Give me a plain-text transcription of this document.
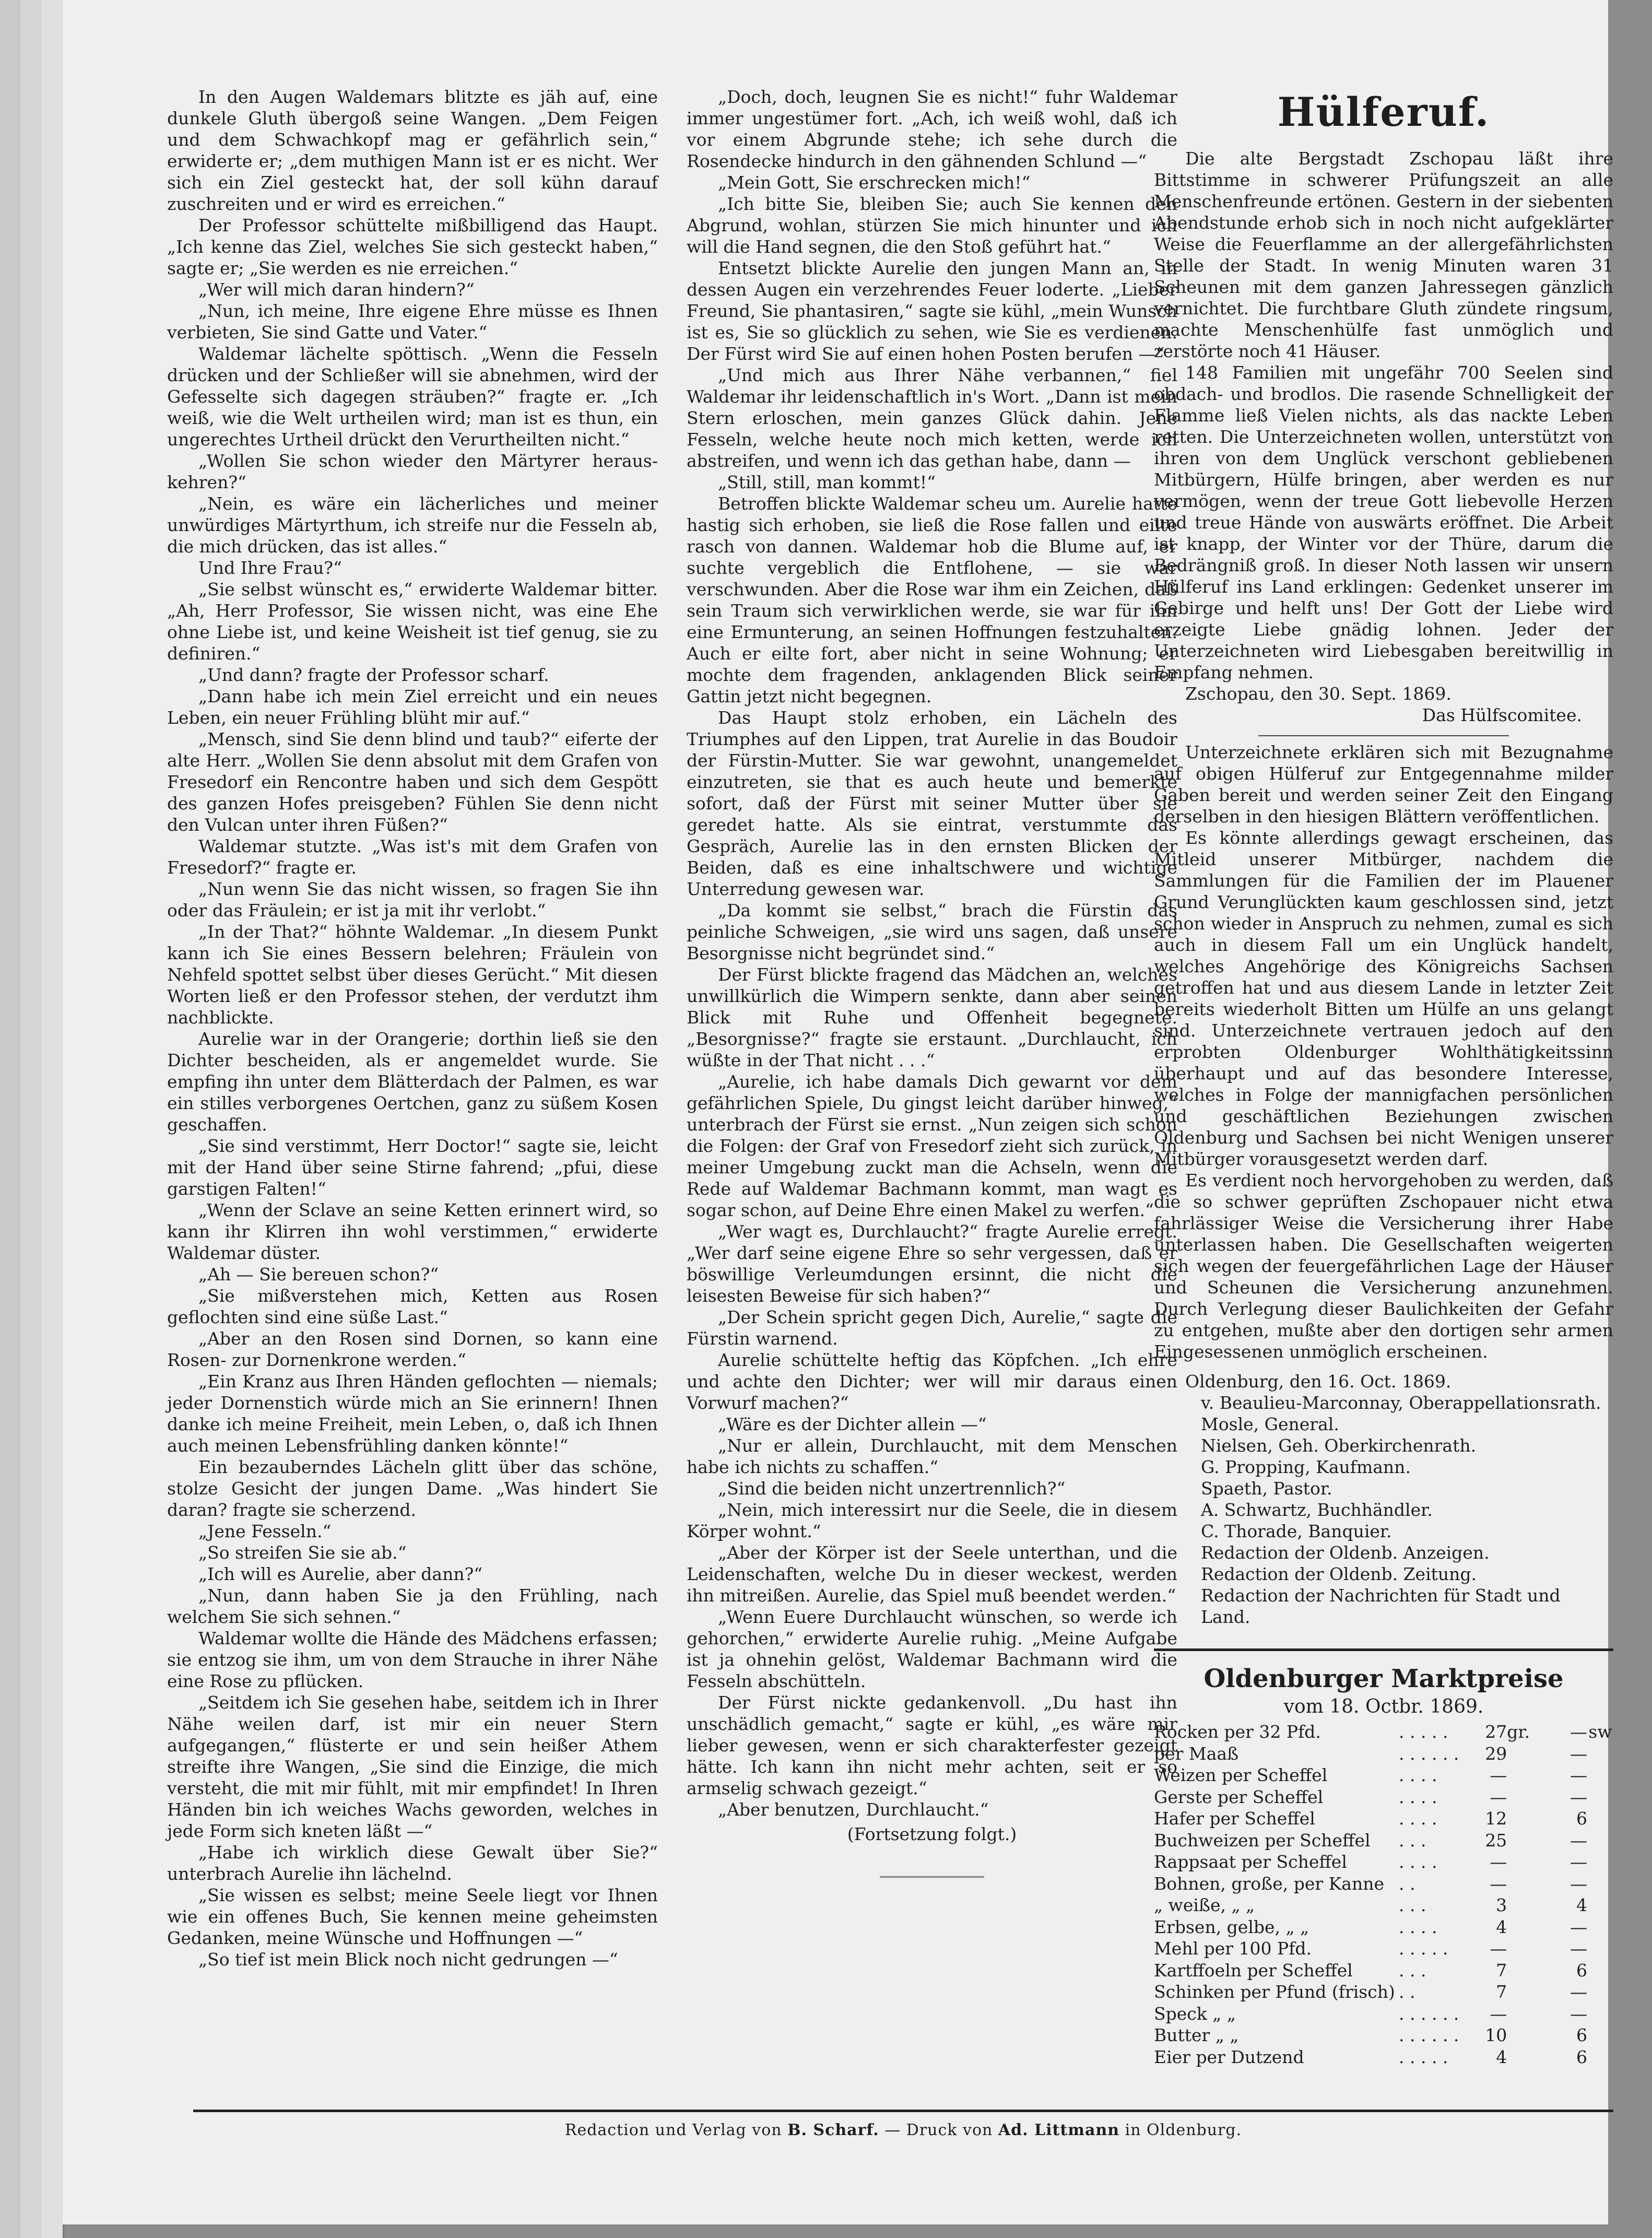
In den Augen Waldemars blitzte es jäh auf, eine dunkele Gluth übergoß seine Wangen. „Dem Feigen und dem Schwachkopf mag er gefährlich sein,“ erwiderte er; „dem muthigen Mann ist er es nicht. Wer sich ein Ziel gesteckt hat, der soll kühn darauf zuschreiten und er wird es erreichen.“

Der Professor schüttelte mißbilligend das Haupt. „Ich kenne das Ziel, welches Sie sich gesteckt haben,“ sagte er; „Sie werden es nie erreichen.“

„Wer will mich daran hindern?“

„Nun, ich meine, Ihre eigene Ehre müsse es Ihnen verbieten, Sie sind Gatte und Vater.“

Waldemar lächelte spöttisch. „Wenn die Fesseln drücken und der Schließer will sie abnehmen, wird der Gefesselte sich dagegen sträuben?“ fragte er. „Ich weiß, wie die Welt urtheilen wird; man ist es thun, ein ungerechtes Urtheil drückt den Verurtheilten nicht.“

„Wollen Sie schon wieder den Märtyrer heraus-kehren?“

„Nein, es wäre ein lächerliches und meiner unwürdiges Märtyrthum, ich streife nur die Fesseln ab, die mich drücken, das ist alles.“

Und Ihre Frau?“

„Sie selbst wünscht es,“ erwiderte Waldemar bitter. „Ah, Herr Professor, Sie wissen nicht, was eine Ehe ohne Liebe ist, und keine Weisheit ist tief genug, sie zu definiren.“

„Und dann? fragte der Professor scharf.

„Dann habe ich mein Ziel erreicht und ein neues Leben, ein neuer Frühling blüht mir auf.“

„Mensch, sind Sie denn blind und taub?“ eiferte der alte Herr. „Wollen Sie denn absolut mit dem Grafen von Fresedorf ein Rencontre haben und sich dem Gespött des ganzen Hofes preisgeben? Fühlen Sie denn nicht den Vulcan unter ihren Füßen?“

Waldemar stutzte. „Was ist's mit dem Grafen von Fresedorf?“ fragte er.

„Nun wenn Sie das nicht wissen, so fragen Sie ihn oder das Fräulein; er ist ja mit ihr verlobt.“

„In der That?“ höhnte Waldemar. „In diesem Punkt kann ich Sie eines Bessern belehren; Fräulein von Nehfeld spottet selbst über dieses Gerücht.“ Mit diesen Worten ließ er den Professor stehen, der verdutzt ihm nachblickte.

Aurelie war in der Orangerie; dorthin ließ sie den Dichter bescheiden, als er angemeldet wurde. Sie empfing ihn unter dem Blätterdach der Palmen, es war ein stilles verborgenes Oertchen, ganz zu süßem Kosen geschaffen.

„Sie sind verstimmt, Herr Doctor!“ sagte sie, leicht mit der Hand über seine Stirne fahrend; „pfui, diese garstigen Falten!“

„Wenn der Sclave an seine Ketten erinnert wird, so kann ihr Klirren ihn wohl verstimmen,“ erwiderte Waldemar düster.

„Ah — Sie bereuen schon?“

„Sie mißverstehen mich, Ketten aus Rosen geflochten sind eine süße Last.“

„Aber an den Rosen sind Dornen, so kann eine Rosen- zur Dornenkrone werden.“

„Ein Kranz aus Ihren Händen geflochten — niemals; jeder Dornenstich würde mich an Sie erinnern! Ihnen danke ich meine Freiheit, mein Leben, o, daß ich Ihnen auch meinen Lebensfrühling danken könnte!“

Ein bezauberndes Lächeln glitt über das schöne, stolze Gesicht der jungen Dame. „Was hindert Sie daran? fragte sie scherzend.

„Jene Fesseln.“

„So streifen Sie sie ab.“

„Ich will es Aurelie, aber dann?“

„Nun, dann haben Sie ja den Frühling, nach welchem Sie sich sehnen.“

Waldemar wollte die Hände des Mädchens erfassen; sie entzog sie ihm, um von dem Strauche in ihrer Nähe eine Rose zu pflücken.

„Seitdem ich Sie gesehen habe, seitdem ich in Ihrer Nähe weilen darf, ist mir ein neuer Stern aufgegangen,“ flüsterte er und sein heißer Athem streifte ihre Wangen, „Sie sind die Einzige, die mich versteht, die mit mir fühlt, mit mir empfindet! In Ihren Händen bin ich weiches Wachs geworden, welches in jede Form sich kneten läßt —“

„Habe ich wirklich diese Gewalt über Sie?“ unterbrach Aurelie ihn lächelnd.

„Sie wissen es selbst; meine Seele liegt vor Ihnen wie ein offenes Buch, Sie kennen meine geheimsten Gedanken, meine Wünsche und Hoffnungen —“

„So tief ist mein Blick noch nicht gedrungen —“

„Doch, doch, leugnen Sie es nicht!“ fuhr Waldemar immer ungestümer fort. „Ach, ich weiß wohl, daß ich vor einem Abgrunde stehe; ich sehe durch die Rosendecke hindurch in den gähnenden Schlund —“

„Mein Gott, Sie erschrecken mich!“

„Ich bitte Sie, bleiben Sie; auch Sie kennen den Abgrund, wohlan, stürzen Sie mich hinunter und ich will die Hand segnen, die den Stoß geführt hat.“

Entsetzt blickte Aurelie den jungen Mann an, in dessen Augen ein verzehrendes Feuer loderte. „Lieber Freund, Sie phantasiren,“ sagte sie kühl, „mein Wunsch ist es, Sie so glücklich zu sehen, wie Sie es verdienen. Der Fürst wird Sie auf einen hohen Posten berufen —“

„Und mich aus Ihrer Nähe verbannen,“ fiel Waldemar ihr leidenschaftlich in's Wort. „Dann ist mein Stern erloschen, mein ganzes Glück dahin. Jene Fesseln, welche heute noch mich ketten, werde ich abstreifen, und wenn ich das gethan habe, dann —

„Still, still, man kommt!“

Betroffen blickte Waldemar scheu um. Aurelie hatte hastig sich erhoben, sie ließ die Rose fallen und eilte rasch von dannen. Waldemar hob die Blume auf, er suchte vergeblich die Entflohene, — sie war verschwunden. Aber die Rose war ihm ein Zeichen, daß sein Traum sich verwirklichen werde, sie war für ihn eine Ermunterung, an seinen Hoffnungen festzuhalten. Auch er eilte fort, aber nicht in seine Wohnung; er mochte dem fragenden, anklagenden Blick seiner Gattin jetzt nicht begegnen.

Das Haupt stolz erhoben, ein Lächeln des Triumphes auf den Lippen, trat Aurelie in das Boudoir der Fürstin-Mutter. Sie war gewohnt, unangemeldet einzutreten, sie that es auch heute und bemerkte sofort, daß der Fürst mit seiner Mutter über sie geredet hatte. Als sie eintrat, verstummte das Gespräch, Aurelie las in den ernsten Blicken der Beiden, daß es eine inhaltschwere und wichtige Unterredung gewesen war.

„Da kommt sie selbst,“ brach die Fürstin das peinliche Schweigen, „sie wird uns sagen, daß unsere Besorgnisse nicht begründet sind.“

Der Fürst blickte fragend das Mädchen an, welches unwillkürlich die Wimpern senkte, dann aber seinen Blick mit Ruhe und Offenheit begegnete. „Besorgnisse?“ fragte sie erstaunt. „Durchlaucht, ich wüßte in der That nicht . . .“

„Aurelie, ich habe damals Dich gewarnt vor dem gefährlichen Spiele, Du gingst leicht darüber hinweg,“ unterbrach der Fürst sie ernst. „Nun zeigen sich schon die Folgen: der Graf von Fresedorf zieht sich zurück, in meiner Umgebung zuckt man die Achseln, wenn die Rede auf Waldemar Bachmann kommt, man wagt es sogar schon, auf Deine Ehre einen Makel zu werfen.“

„Wer wagt es, Durchlaucht?“ fragte Aurelie erregt. „Wer darf seine eigene Ehre so sehr vergessen, daß er böswillige Verleumdungen ersinnt, die nicht die leisesten Beweise für sich haben?“

„Der Schein spricht gegen Dich, Aurelie,“ sagte die Fürstin warnend.

Aurelie schüttelte heftig das Köpfchen. „Ich ehre und achte den Dichter; wer will mir daraus einen Vorwurf machen?“

„Wäre es der Dichter allein —“

„Nur er allein, Durchlaucht, mit dem Menschen habe ich nichts zu schaffen.“

„Sind die beiden nicht unzertrennlich?“

„Nein, mich interessirt nur die Seele, die in diesem Körper wohnt.“

„Aber der Körper ist der Seele unterthan, und die Leidenschaften, welche Du in dieser weckest, werden ihn mitreißen. Aurelie, das Spiel muß beendet werden.“

„Wenn Euere Durchlaucht wünschen, so werde ich gehorchen,“ erwiderte Aurelie ruhig. „Meine Aufgabe ist ja ohnehin gelöst, Waldemar Bachmann wird die Fesseln abschütteln.

Der Fürst nickte gedankenvoll. „Du hast ihn unschädlich gemacht,“ sagte er kühl, „es wäre mir lieber gewesen, wenn er sich charakterfester gezeigt hätte. Ich kann ihn nicht mehr achten, seit er so armselig schwach gezeigt.“

„Aber benutzen, Durchlaucht.“

(Fortsetzung folgt.)

Hülferuf.

Die alte Bergstadt Zschopau läßt ihre Bittstimme in schwerer Prüfungszeit an alle Menschenfreunde ertönen. Gestern in der siebenten Abendstunde erhob sich in noch nicht aufgeklärter Weise die Feuerflamme an der allergefährlichsten Stelle der Stadt. In wenig Minuten waren 31 Scheunen mit dem ganzen Jahressegen gänzlich vernichtet. Die furchtbare Gluth zündete ringsum, machte Menschenhülfe fast unmöglich und zerstörte noch 41 Häuser.

148 Familien mit ungefähr 700 Seelen sind obdach- und brodlos. Die rasende Schnelligkeit der Flamme ließ Vielen nichts, als das nackte Leben retten. Die Unterzeichneten wollen, unterstützt von ihren von dem Unglück verschont gebliebenen Mitbürgern, Hülfe bringen, aber werden es nur vermögen, wenn der treue Gott liebevolle Herzen und treue Hände von auswärts eröffnet. Die Arbeit ist knapp, der Winter vor der Thüre, darum die Bedrängniß groß. In dieser Noth lassen wir unsern Hülferuf ins Land erklingen: Gedenket unserer im Gebirge und helft uns! Der Gott der Liebe wird erzeigte Liebe gnädig lohnen. Jeder der Unterzeichneten wird Liebesgaben bereitwillig in Empfang nehmen.

Zschopau, den 30. Sept. 1869.

Das Hülfscomitee.

Unterzeichnete erklären sich mit Bezugnahme auf obigen Hülferuf zur Entgegennahme milder Gaben bereit und werden seiner Zeit den Eingang derselben in den hiesigen Blättern veröffentlichen.

Es könnte allerdings gewagt erscheinen, das Mitleid unserer Mitbürger, nachdem die Sammlungen für die Familien der im Plauener Grund Verunglückten kaum geschlossen sind, jetzt schon wieder in Anspruch zu nehmen, zumal es sich auch in diesem Fall um ein Unglück handelt, welches Angehörige des Königreichs Sachsen getroffen hat und aus diesem Lande in letzter Zeit bereits wiederholt Bitten um Hülfe an uns gelangt sind. Unterzeichnete vertrauen jedoch auf den erprobten Oldenburger Wohlthätigkeitssinn überhaupt und auf das besondere Interesse, welches in Folge der mannigfachen persönlichen und geschäftlichen Beziehungen zwischen Oldenburg und Sachsen bei nicht Wenigen unserer Mitbürger vorausgesetzt werden darf.

Es verdient noch hervorgehoben zu werden, daß die so schwer geprüften Zschopauer nicht etwa fahrlässiger Weise die Versicherung ihrer Habe unterlassen haben. Die Gesellschaften weigerten sich wegen der feuergefährlichen Lage der Häuser und Scheunen die Versicherung anzunehmen. Durch Verlegung dieser Baulichkeiten der Gefahr zu entgehen, mußte aber den dortigen sehr armen Eingesessenen unmöglich erscheinen.

Oldenburg, den 16. Oct. 1869.

v. Beaulieu-Marconnay, Oberappellationsrath.

Mosle, General.

Nielsen, Geh. Oberkirchenrath.

G. Propping, Kaufmann.

Spaeth, Pastor.

A. Schwartz, Buchhändler.

C. Thorade, Banquier.

Redaction der Oldenb. Anzeigen.

Redaction der Oldenb. Zeitung.

Redaction der Nachrichten für Stadt und Land.

Oldenburger Marktpreise
vom 18. Octbr. 1869.
Rocken per 32 Pfd.	. . . . .	27	gr.	—	sw
per Maaß	. . . . . .	29		—	
Weizen per Scheffel	. . . .	—		—	
Gerste per Scheffel	. . . .	—		—	
Hafer per Scheffel	. . . .	12		6	
Buchweizen per Scheffel	. . .	25		—	
Rappsaat per Scheffel	. . . .	—		—	
Bohnen, große, per Kanne	. .	—		—	
„ weiße, „ „	. . .	3		4	
Erbsen, gelbe, „ „	. . . .	4		—	
Mehl per 100 Pfd.	. . . . .	—		—	
Kartffoeln per Scheffel	. . .	7		6	
Schinken per Pfund (frisch)	. .	7		—	
Speck „ „	. . . . . .	—		—	
Butter „ „	. . . . . .	10		6	
Eier per Dutzend	. . . . .	4		6	
Redaction und Verlag von B. Scharf. — Druck von Ad. Littmann in Oldenburg.
